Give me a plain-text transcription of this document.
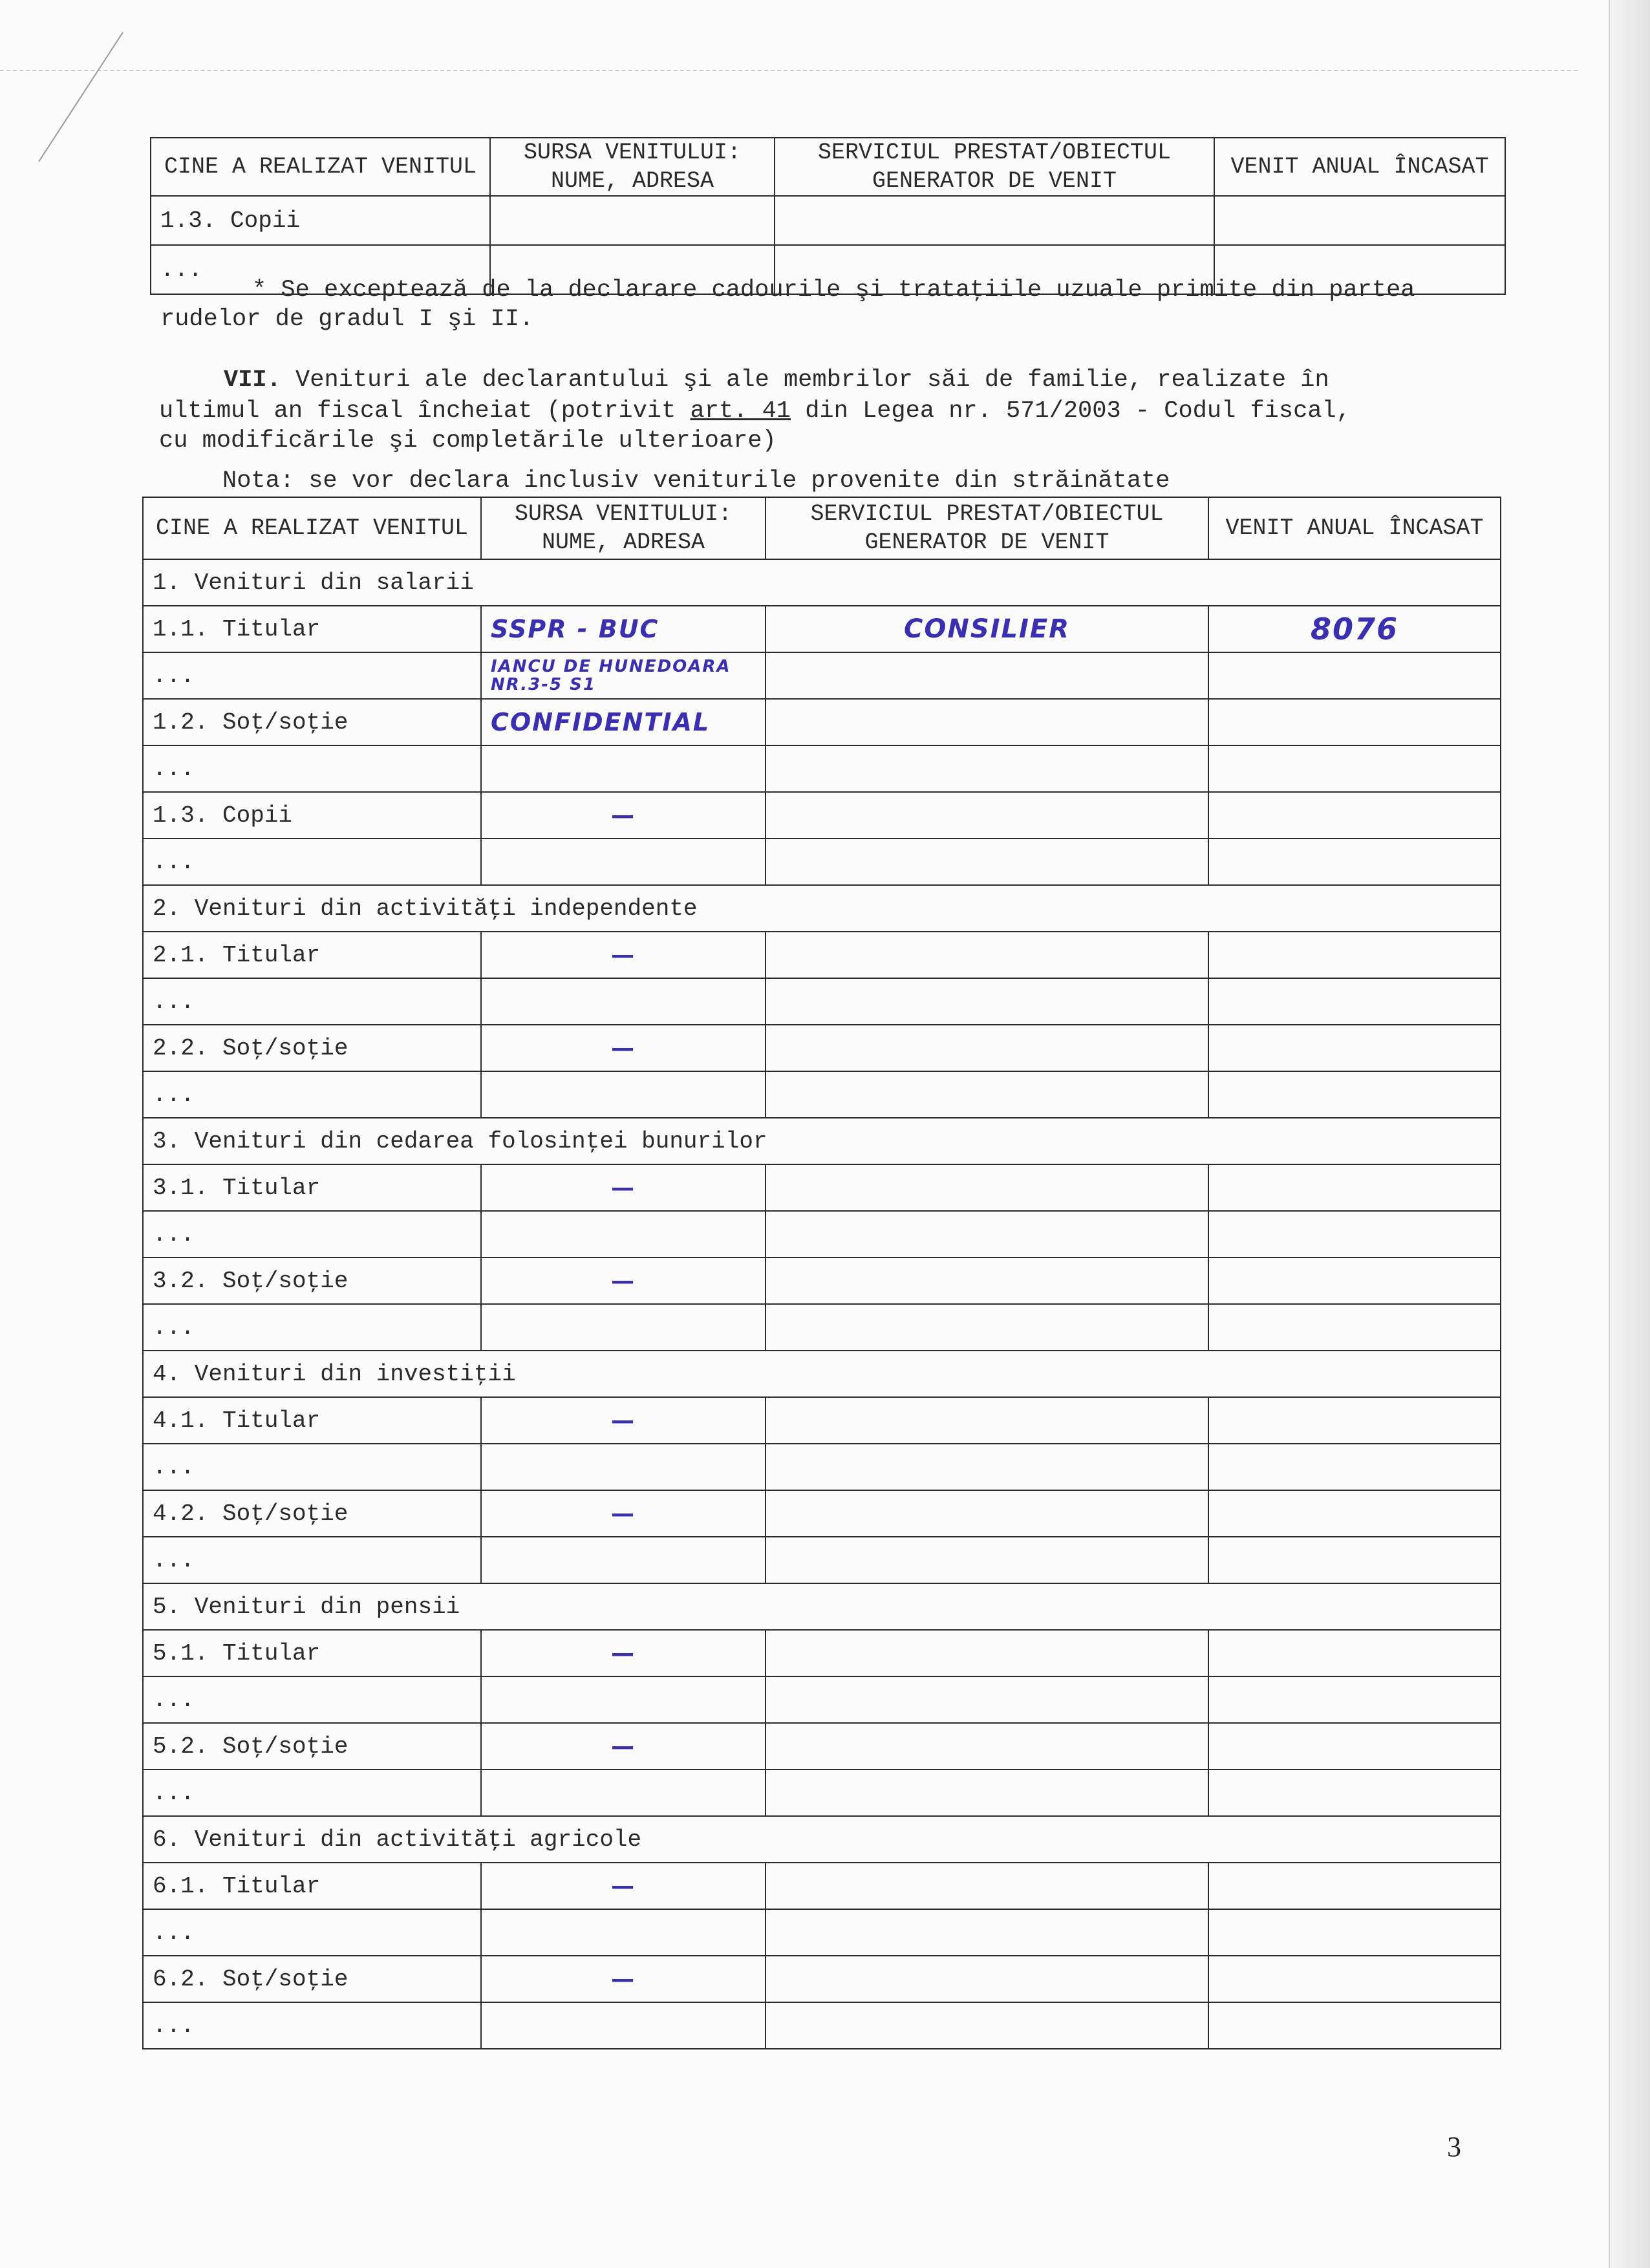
CINE A REALIZAT VENITUL	SURSA VENITULUI: NUME, ADRESA	SERVICIUL PRESTAT/OBIECTUL GENERATOR DE VENIT	VENIT ANUAL ÎNCASAT
1.3. Copii			
...			
* Se exceptează de la declarare cadourile şi trataţiile uzuale primite din partea
rudelor de gradul I şi II.
VII. Venituri ale declarantului şi ale membrilor săi de familie, realizate în
ultimul an fiscal încheiat (potrivit art. 41 din Legea nr. 571/2003 - Codul fiscal,
cu modificările şi completările ulterioare)
Nota: se vor declara inclusiv veniturile provenite din străinătate
CINE A REALIZAT VENITUL	SURSA VENITULUI: NUME, ADRESA	SERVICIUL PRESTAT/OBIECTUL GENERATOR DE VENIT	VENIT ANUAL ÎNCASAT
1. Venituri din salarii			
1.1. Titular	SSPR - BUC	CONSILIER	8076
...	IANCU DE HUNEDOARA NR.3-5 S1		
1.2. Soţ/soţie	CONFIDENTIAL		
...			
1.3. Copii	—		
...			
2. Venituri din activităţi independente			
2.1. Titular	—		
...			
2.2. Soţ/soţie	—		
...			
3. Venituri din cedarea folosinţei bunurilor			
3.1. Titular	—		
...			
3.2. Soţ/soţie	—		
...			
4. Venituri din investiţii			
4.1. Titular	—		
...			
4.2. Soţ/soţie	—		
...			
5. Venituri din pensii			
5.1. Titular	—		
...			
5.2. Soţ/soţie	—		
...			
6. Venituri din activităţi agricole			
6.1. Titular	—		
...			
6.2. Soţ/soţie	—		
...			
3
